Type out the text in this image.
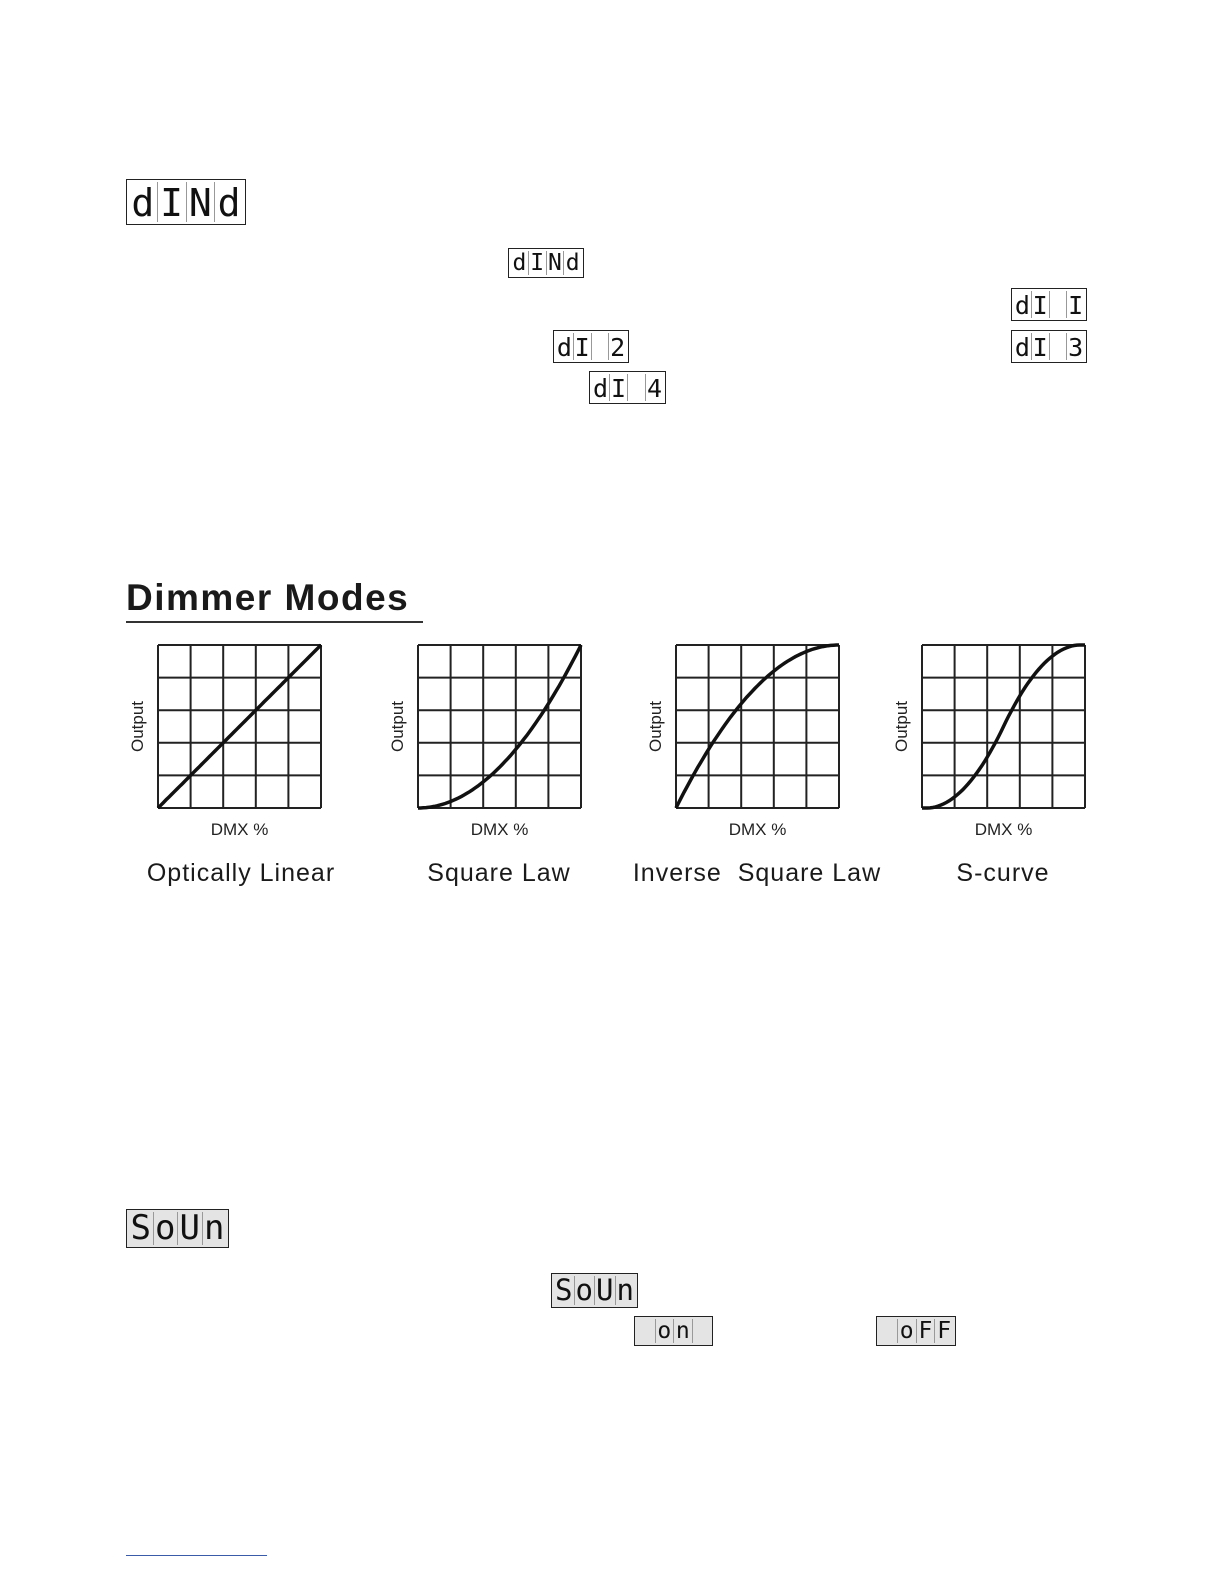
d I N d
d I N d
d I I
d I 2	d I 3
d I 4
Dimmer Modes
Output
DMX %
Output
DMX %
Output
DMX %
Output
DMX %
Optically Linear	Square Law	Inverse  Square Law	S-curve
S o U n
S o U n
o n	o F F
